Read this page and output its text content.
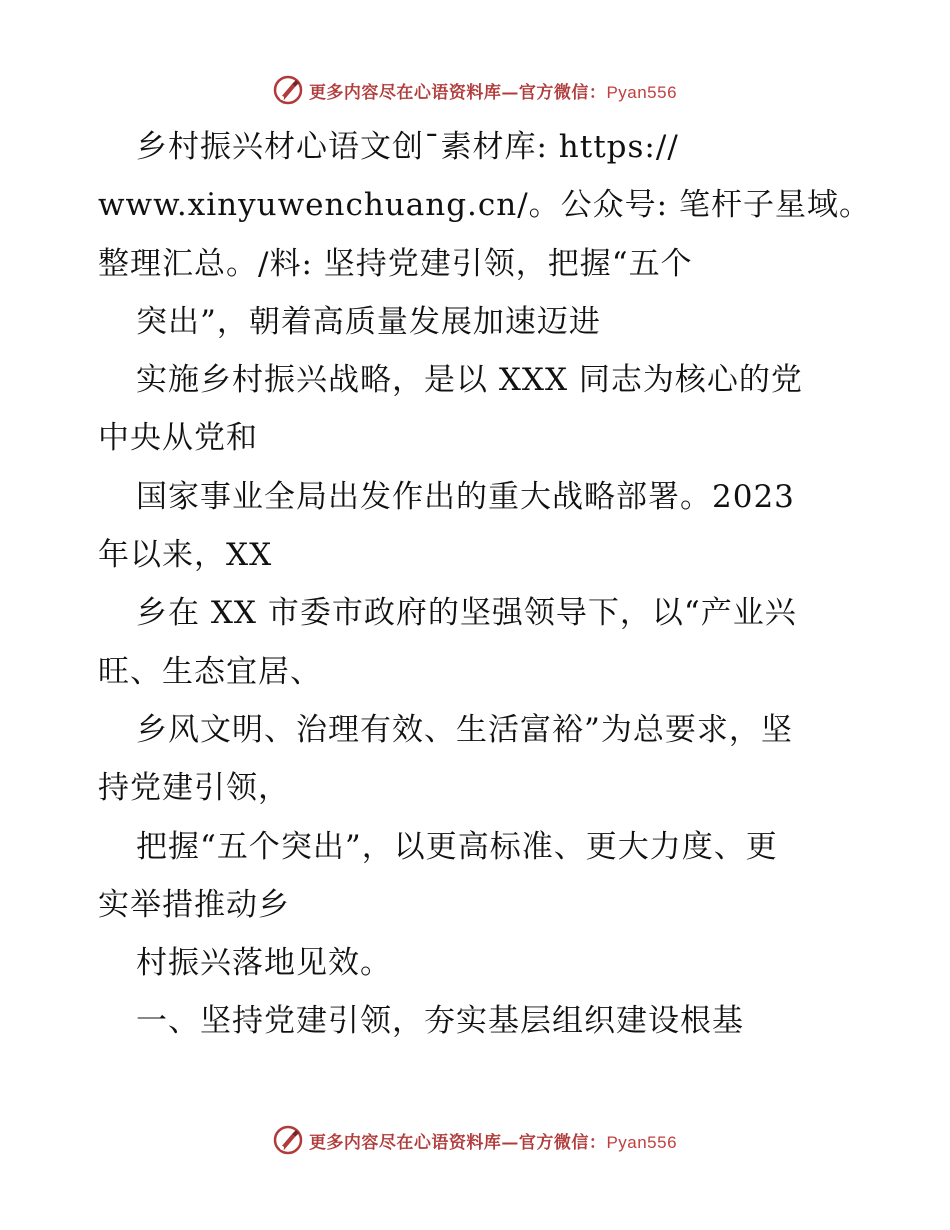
更多内容尽在心语资料库—官方微信：Pyan556
乡村振兴材心语文创¯素材库: https://
www.xinyuwenchuang.cn/。公众号: 笔杆子星域。
整理汇总。/料: 坚持党建引领，把握“五个
突出”，朝着高质量发展加速迈进
实施乡村振兴战略，是以 XXX 同志为核心的党
中央从党和
国家事业全局出发作出的重大战略部署。2023
年以来，XX
乡在 XX 市委市政府的坚强领导下，以“产业兴
旺、生态宜居、
乡风文明、治理有效、生活富裕”为总要求，坚
持党建引领，
把握“五个突出”，以更高标准、更大力度、更
实举措推动乡
村振兴落地见效。
一、坚持党建引领，夯实基层组织建设根基
更多内容尽在心语资料库—官方微信：Pyan556
